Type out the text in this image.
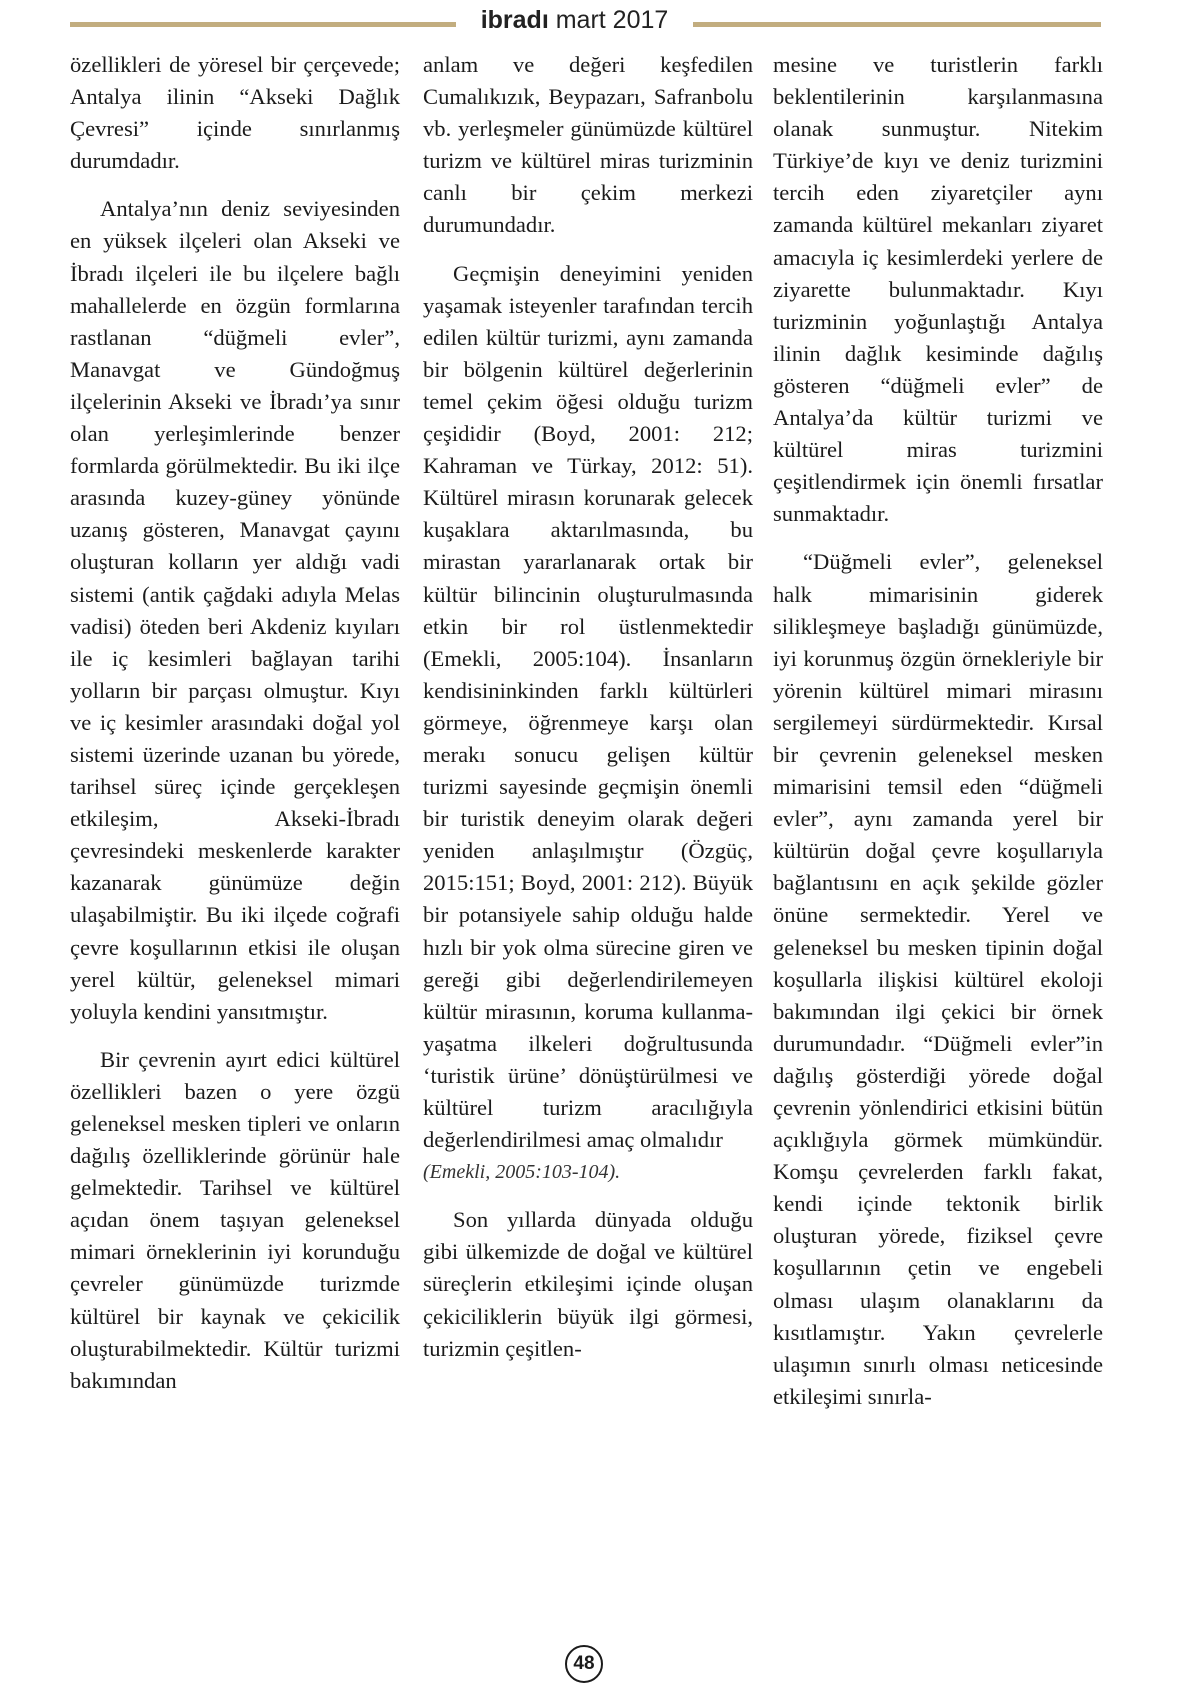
ibradı mart 2017

özellikleri de yöresel bir çerçevede; Antalya ilinin “Akseki Dağlık Çevresi” içinde sınırlanmış durumdadır.

Antalya’nın deniz seviyesinden en yüksek ilçeleri olan Akseki ve İbradı ilçeleri ile bu ilçelere bağlı mahallelerde en özgün formlarına rastlanan “düğmeli evler”, Manavgat ve Gündoğmuş ilçelerinin Akseki ve İbradı’ya sınır olan yerleşimlerinde benzer formlarda görülmektedir. Bu iki ilçe arasında kuzey-güney yönünde uzanış gösteren, Manavgat çayını oluşturan kolların yer aldığı vadi sistemi (antik çağdaki adıyla Melas vadisi) öteden beri Akdeniz kıyıları ile iç kesimleri bağlayan tarihi yolların bir parçası olmuştur. Kıyı ve iç kesimler arasındaki doğal yol sistemi üzerinde uzanan bu yörede, tarihsel süreç içinde gerçekleşen etkileşim, Akseki-İbradı çevresindeki meskenlerde karakter kazanarak günümüze değin ulaşabilmiştir. Bu iki ilçede coğrafi çevre koşullarının etkisi ile oluşan yerel kültür, geleneksel mimari yoluyla kendini yansıtmıştır.

Bir çevrenin ayırt edici kültürel özellikleri bazen o yere özgü geleneksel mesken tipleri ve onların dağılış özelliklerinde görünür hale gelmektedir. Tarihsel ve kültürel açıdan önem taşıyan geleneksel mimari örneklerinin iyi korunduğu çevreler günümüzde turizmde kültürel bir kaynak ve çekicilik oluşturabilmektedir. Kültür turizmi bakımından

anlam ve değeri keşfedilen Cumalıkızık, Beypazarı, Safranbolu vb. yerleşmeler günümüzde kültürel turizm ve kültürel miras turizminin canlı bir çekim merkezi durumundadır.

Geçmişin deneyimini yeniden yaşamak isteyenler tarafından tercih edilen kültür turizmi, aynı zamanda bir bölgenin kültürel değerlerinin temel çekim öğesi olduğu turizm çeşididir (Boyd, 2001: 212; Kahraman ve Türkay, 2012: 51). Kültürel mirasın korunarak gelecek kuşaklara aktarılmasında, bu mirastan yararlanarak ortak bir kültür bilincinin oluşturulmasında etkin bir rol üstlenmektedir (Emekli, 2005:104). İnsanların kendisininkinden farklı kültürleri görmeye, öğrenmeye karşı olan merakı sonucu gelişen kültür turizmi sayesinde geçmişin önemli bir turistik deneyim olarak değeri yeniden anlaşılmıştır (Özgüç, 2015:151; Boyd, 2001: 212). Büyük bir potansiyele sahip olduğu halde hızlı bir yok olma sürecine giren ve gereği gibi değerlendirilemeyen kültür mirasının, koruma kullanma-yaşatma ilkeleri doğrultusunda ‘turistik ürüne’ dönüştürülmesi ve kültürel turizm aracılığıyla değerlendirilmesi amaç olmalıdır

(Emekli, 2005:103-104).

Son yıllarda dünyada olduğu gibi ülkemizde de doğal ve kültürel süreçlerin etkileşimi içinde oluşan çekiciliklerin büyük ilgi görmesi, turizmin çeşitlen-

mesine ve turistlerin farklı beklentilerinin karşılanmasına olanak sunmuştur. Nitekim Türkiye’de kıyı ve deniz turizmini tercih eden ziyaretçiler aynı zamanda kültürel mekanları ziyaret amacıyla iç kesimlerdeki yerlere de ziyarette bulunmaktadır. Kıyı turizminin yoğunlaştığı Antalya ilinin dağlık kesiminde dağılış gösteren “düğmeli evler” de Antalya’da kültür turizmi ve kültürel miras turizmini çeşitlendirmek için önemli fırsatlar sunmaktadır.

“Düğmeli evler”, geleneksel halk mimarisinin giderek silikleşmeye başladığı günümüzde, iyi korunmuş özgün örnekleriyle bir yörenin kültürel mimari mirasını sergilemeyi sürdürmektedir. Kırsal bir çevrenin geleneksel mesken mimarisini temsil eden “düğmeli evler”, aynı zamanda yerel bir kültürün doğal çevre koşullarıyla bağlantısını en açık şekilde gözler önüne sermektedir. Yerel ve geleneksel bu mesken tipinin doğal koşullarla ilişkisi kültürel ekoloji bakımından ilgi çekici bir örnek durumundadır. “Düğmeli evler”in dağılış gösterdiği yörede doğal çevrenin yönlendirici etkisini bütün açıklığıyla görmek mümkündür. Komşu çevrelerden farklı fakat, kendi içinde tektonik birlik oluşturan yörede, fiziksel çevre koşullarının çetin ve engebeli olması ulaşım olanaklarını da kısıtlamıştır. Yakın çevrelerle ulaşımın sınırlı olması neticesinde etkileşimi sınırla-

48
